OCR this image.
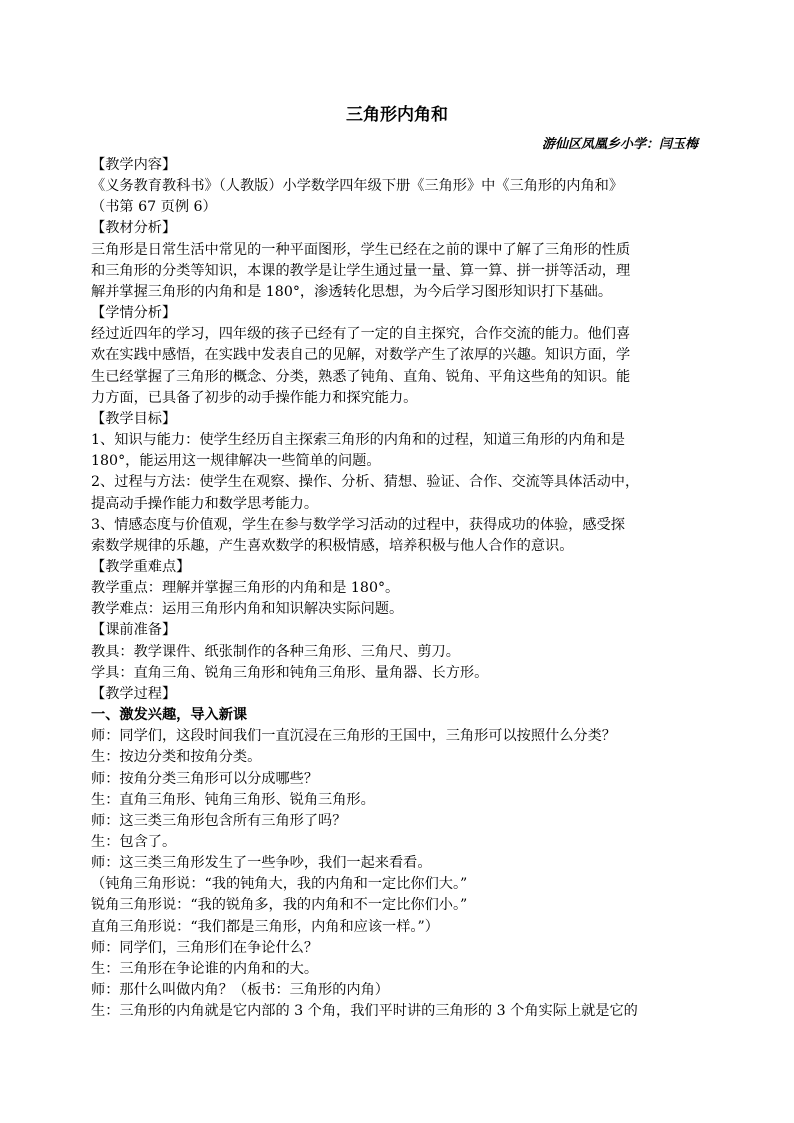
三角形内角和
游仙区凤凰乡小学：闫玉梅

【教学内容】

《义务教育教科书》（人教版）小学数学四年级下册《三角形》中《三角形的内角和》

（书第 67 页例 6）

【教材分析】

三角形是日常生活中常见的一种平面图形，学生已经在之前的课中了解了三角形的性质

和三角形的分类等知识，本课的教学是让学生通过量一量、算一算、拼一拼等活动，理

解并掌握三角形的内角和是 180°，渗透转化思想，为今后学习图形知识打下基础。

【学情分析】

经过近四年的学习，四年级的孩子已经有了一定的自主探究，合作交流的能力。他们喜

欢在实践中感悟，在实践中发表自己的见解，对数学产生了浓厚的兴趣。知识方面，学

生已经掌握了三角形的概念、分类，熟悉了钝角、直角、锐角、平角这些角的知识。能

力方面，已具备了初步的动手操作能力和探究能力。

【教学目标】

1、知识与能力：使学生经历自主探索三角形的内角和的过程，知道三角形的内角和是

180°，能运用这一规律解决一些简单的问题。

2、过程与方法：使学生在观察、操作、分析、猜想、验证、合作、交流等具体活动中，

提高动手操作能力和数学思考能力。

3、情感态度与价值观，学生在参与数学学习活动的过程中，获得成功的体验，感受探

索数学规律的乐趣，产生喜欢数学的积极情感，培养积极与他人合作的意识。

【教学重难点】

教学重点：理解并掌握三角形的内角和是 180°。

教学难点：运用三角形内角和知识解决实际问题。

【课前准备】

教具：教学课件、纸张制作的各种三角形、三角尺、剪刀。

学具：直角三角、锐角三角形和钝角三角形、量角器、长方形。

【教学过程】

一、激发兴趣，导入新课

师：同学们，这段时间我们一直沉浸在三角形的王国中，三角形可以按照什么分类？

生：按边分类和按角分类。

师：按角分类三角形可以分成哪些？

生：直角三角形、钝角三角形、锐角三角形。

师：这三类三角形包含所有三角形了吗？

生：包含了。

师：这三类三角形发生了一些争吵，我们一起来看看。

（钝角三角形说：“我的钝角大，我的内角和一定比你们大。”

锐角三角形说：“我的锐角多，我的内角和不一定比你们小。”

直角三角形说：“我们都是三角形，内角和应该一样。”）

师：同学们，三角形们在争论什么？

生：三角形在争论谁的内角和的大。

师：那什么叫做内角？（板书：三角形的内角）

生：三角形的内角就是它内部的 3 个角，我们平时讲的三角形的 3 个角实际上就是它的
